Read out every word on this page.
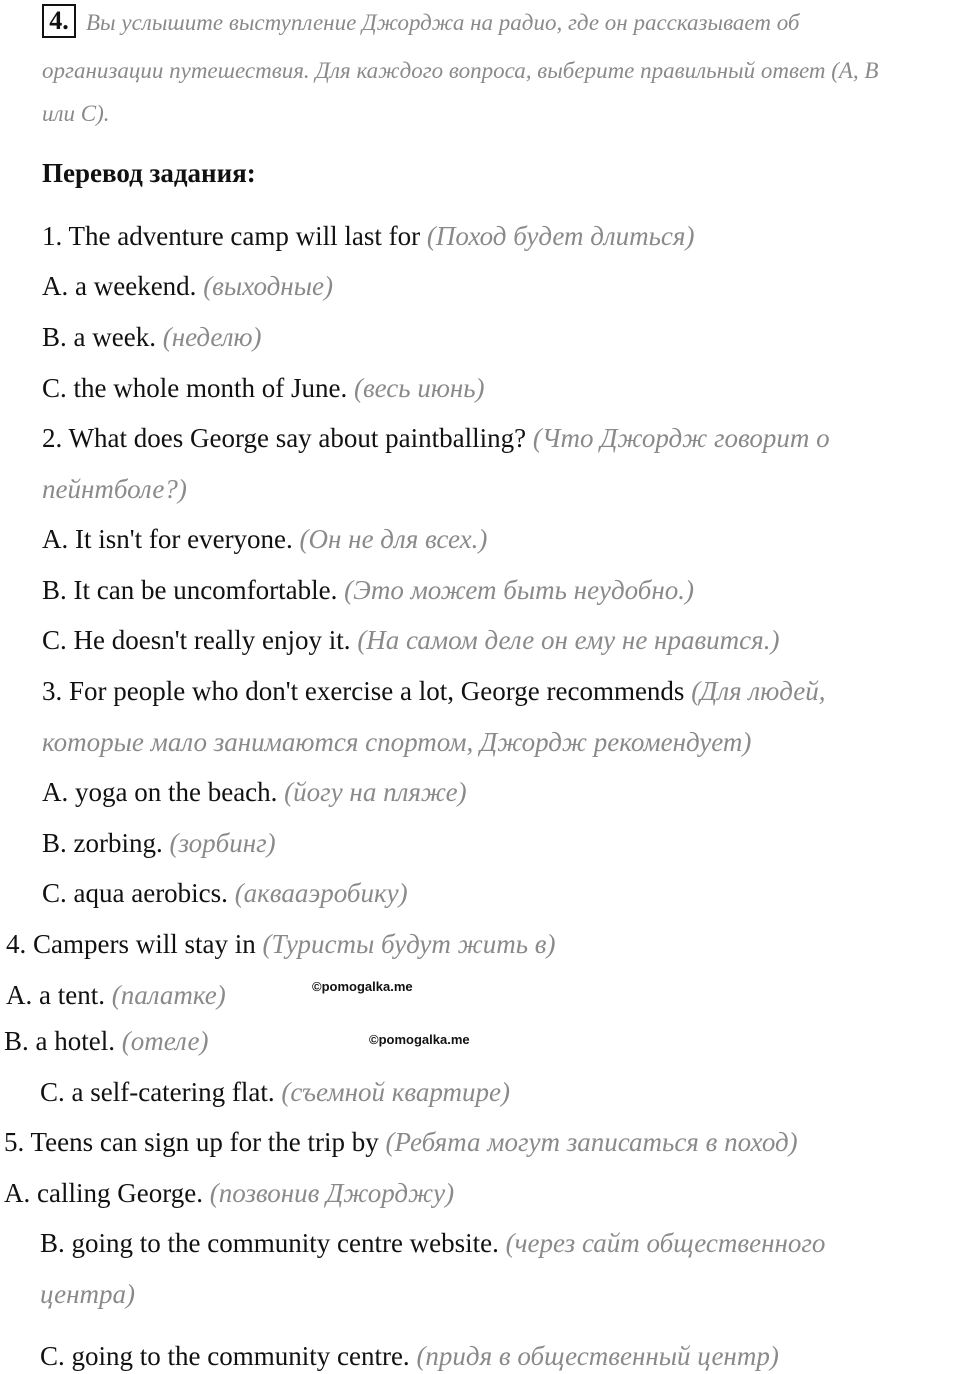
4. Вы услышите выступление Джорджа на радио, где он рассказывает об
организации путешествия. Для каждого вопроса, выберите правильный ответ (A, B
или C).
Перевод задания:
1. The adventure camp will last for (Поход будет длиться)
A. a weekend. (выходные)
B. a week. (неделю)
C. the whole month of June. (весь июнь)
2. What does George say about paintballing? (Что Джордж говорит о
пейнтболе?)
A. It isn't for everyone. (Он не для всех.)
B. It can be uncomfortable. (Это может быть неудобно.)
C. He doesn't really enjoy it. (На самом деле он ему не нравится.)
3. For people who don't exercise a lot, George recommends (Для людей,
которые мало занимаются спортом, Джордж рекомендует)
A. yoga on the beach. (йогу на пляже)
B. zorbing. (зорбинг)
C. aqua aerobics. (аквааэробику)
4. Campers will stay in (Туристы будут жить в)
A. a tent. (палатке)	©pomogalka.me
B. a hotel. (отеле)	©pomogalka.me
C. a self-catering flat. (съемной квартире)
5. Teens can sign up for the trip by (Ребята могут записаться в поход)
A. calling George. (позвонив Джорджу)
B. going to the community centre website. (через сайт общественного
центра)
C. going to the community centre. (придя в общественный центр)
